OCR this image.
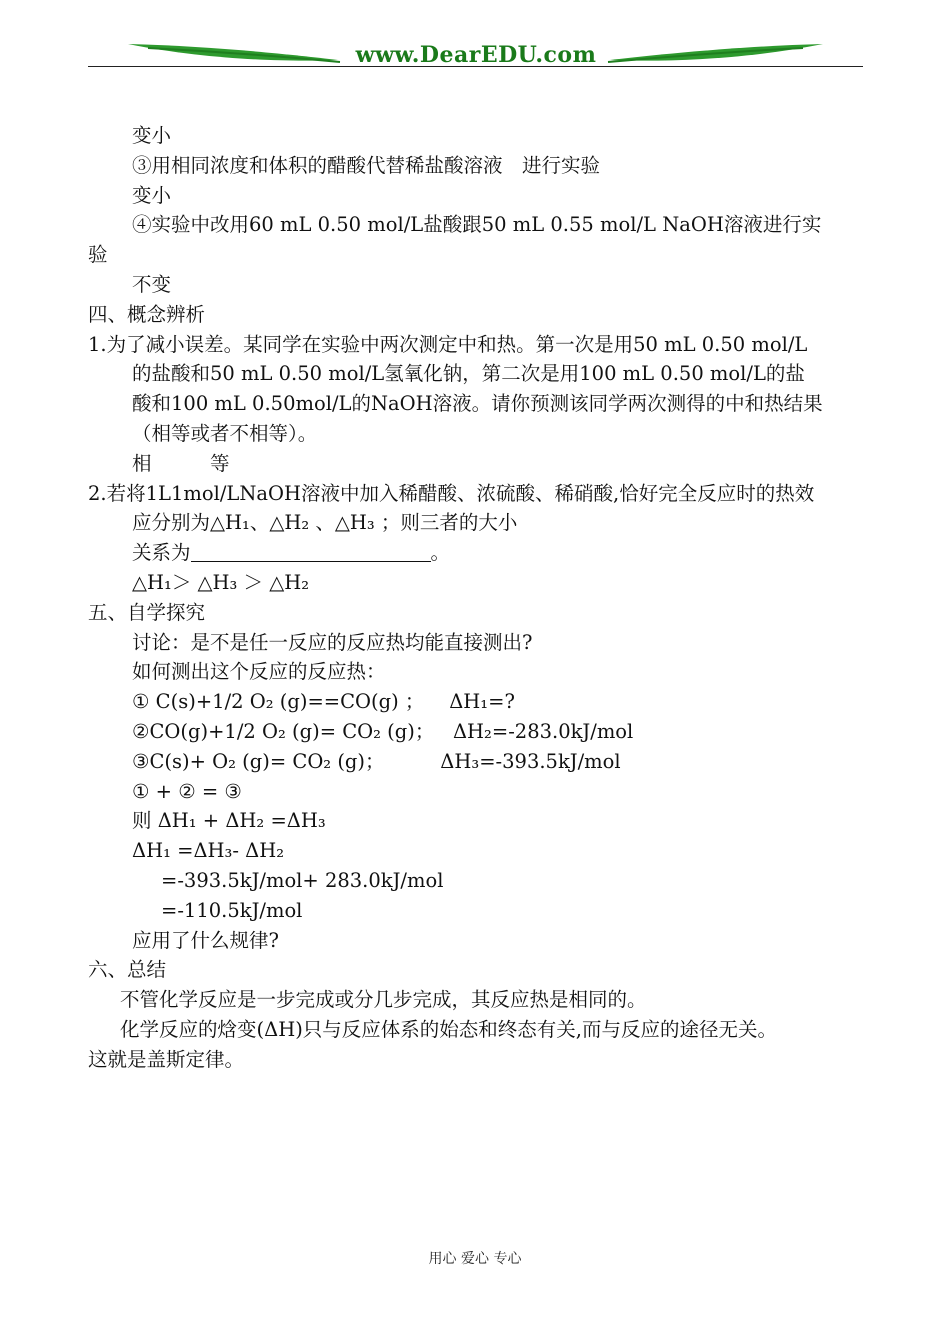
www.DearEDU.com
变小
③用相同浓度和体积的醋酸代替稀盐酸溶液　进行实验
变小
④实验中改用60 mL 0.50 mol/L盐酸跟50 mL 0.55 mol/L NaOH溶液进行实
验
不变
四、概念辨析
1.为了减小误差。某同学在实验中两次测定中和热。第一次是用50 mL 0.50 mol/L
的盐酸和50 mL 0.50 mol/L氢氧化钠，第二次是用100 mL 0.50 mol/L的盐
酸和100 mL 0.50mol/L的NaOH溶液。请你预测该同学两次测得的中和热结果
（相等或者不相等）。
相　　　等
2.若将1L1mol/LNaOH溶液中加入稀醋酸、浓硫酸、稀硝酸,恰好完全反应时的热效
应分别为△H₁、△H₂ 、△H₃ ；则三者的大小
关系为	。
△H₁＞ △H₃ ＞ △H₂
五、自学探究
讨论：是不是任一反应的反应热均能直接测出?
如何测出这个反应的反应热：
① C(s)+1/2 O₂ (g)==CO(g) ；    ΔH₁=?
②CO(g)+1/2 O₂ (g)= CO₂ (g)；   ΔH₂=-283.0kJ/mol
③C(s)+ O₂ (g)= CO₂ (g)；         ΔH₃=-393.5kJ/mol
① + ② = ③
则 ΔH₁ + ΔH₂ =ΔH₃
ΔH₁ =ΔH₃- ΔH₂
=-393.5kJ/mol+ 283.0kJ/mol
=-110.5kJ/mol
应用了什么规律?
六、总结
不管化学反应是一步完成或分几步完成，其反应热是相同的。
化学反应的焓变(ΔH)只与反应体系的始态和终态有关,而与反应的途径无关。
这就是盖斯定律。
用心 爱心 专心
